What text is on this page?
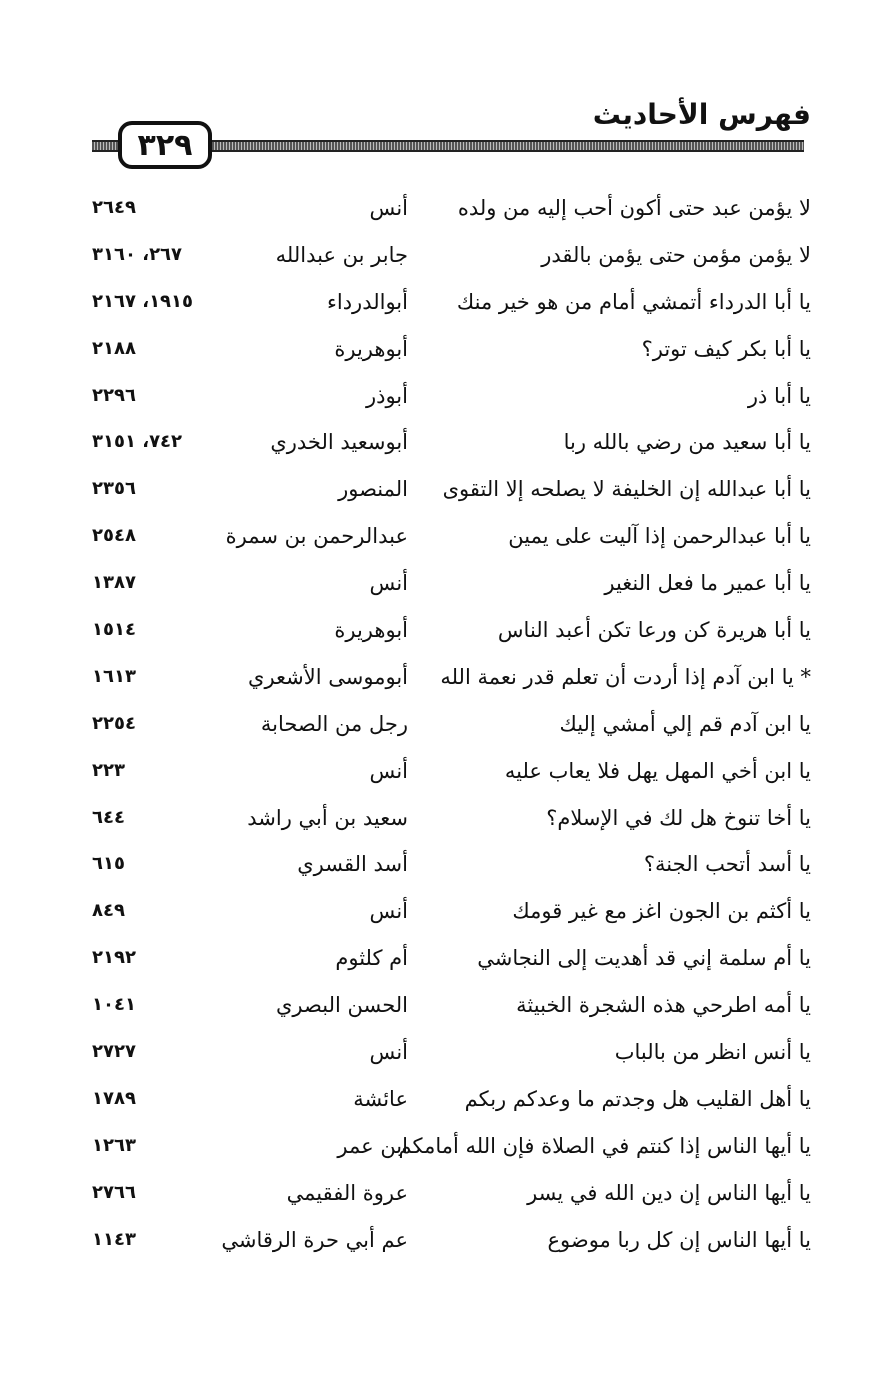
فهرس الأحاديث
٣٢٩
لا يؤمن عبد حتى أكون أحب إليه من ولده
أنس
٢٦٤٩
لا يؤمن مؤمن حتى يؤمن بالقدر
جابر بن عبدالله
٢٦٧، ٣١٦٠
يا أبا الدرداء أتمشي أمام من هو خير منك
أبوالدرداء
١٩١٥، ٢١٦٧
يا أبا بكر كيف توتر؟
أبوهريرة
٢١٨٨
يا أبا ذر
أبوذر
٢٢٩٦
يا أبا سعيد من رضي بالله ربا
أبوسعيد الخدري
٧٤٢، ٣١٥١
يا أبا عبدالله إن الخليفة لا يصلحه إلا التقوى
المنصور
٢٣٥٦
يا أبا عبدالرحمن إذا آليت على يمين
عبدالرحمن بن سمرة
٢٥٤٨
يا أبا عمير ما فعل النغير
أنس
١٣٨٧
يا أبا هريرة كن ورعا تكن أعبد الناس
أبوهريرة
١٥١٤
* يا ابن آدم إذا أردت أن تعلم قدر نعمة الله
أبوموسى الأشعري
١٦١٣
يا ابن آدم قم إلي أمشي إليك
رجل من الصحابة
٢٢٥٤
يا ابن أخي المهل يهل فلا يعاب عليه
أنس
٢٢٣
يا أخا تنوخ هل لك في الإسلام؟
سعيد بن أبي راشد
٦٤٤
يا أسد أتحب الجنة؟
أسد القسري
٦١٥
يا أكثم بن الجون اغز مع غير قومك
أنس
٨٤٩
يا أم سلمة إني قد أهديت إلى النجاشي
أم كلثوم
٢١٩٢
يا أمه اطرحي هذه الشجرة الخبيثة
الحسن البصري
١٠٤١
يا أنس انظر من بالباب
أنس
٢٧٢٧
يا أهل القليب هل وجدتم ما وعدكم ربكم
عائشة
١٧٨٩
يا أيها الناس إذا كنتم في الصلاة فإن الله أمامكم
ابن عمر
١٢٦٣
يا أيها الناس إن دين الله في يسر
عروة الفقيمي
٢٧٦٦
يا أيها الناس إن كل ربا موضوع
عم أبي حرة الرقاشي
١١٤٣
